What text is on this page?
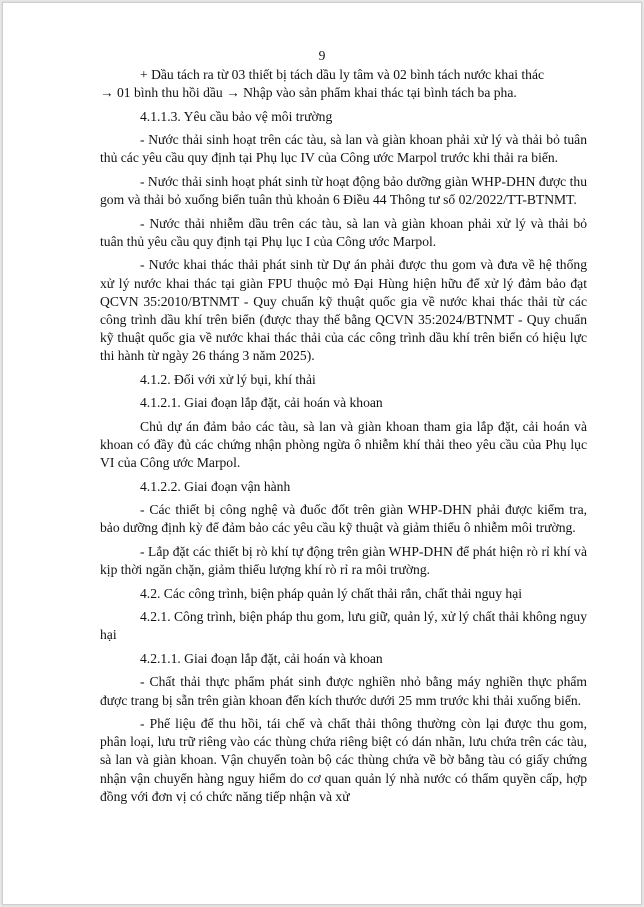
9

+ Dầu tách ra từ 03 thiết bị tách dầu ly tâm và 02 bình tách nước khai thác
→ 01 bình thu hồi dầu → Nhập vào sản phẩm khai thác tại bình tách ba pha.

4.1.1.3. Yêu cầu bảo vệ môi trường

- Nước thải sinh hoạt trên các tàu, sà lan và giàn khoan phải xử lý và thải bỏ tuân thủ các yêu cầu quy định tại Phụ lục IV của Công ước Marpol trước khi thải ra biển.

- Nước thải sinh hoạt phát sinh từ hoạt động bảo dưỡng giàn WHP-DHN được thu gom và thải bỏ xuống biển tuân thủ khoản 6 Điều 44 Thông tư số 02/2022/TT-BTNMT.

- Nước thải nhiễm dầu trên các tàu, sà lan và giàn khoan phải xử lý và thải bỏ tuân thủ yêu cầu quy định tại Phụ lục I của Công ước Marpol.

- Nước khai thác thải phát sinh từ Dự án phải được thu gom và đưa về hệ thống xử lý nước khai thác tại giàn FPU thuộc mỏ Đại Hùng hiện hữu để xử lý đảm bảo đạt QCVN 35:2010/BTNMT - Quy chuẩn kỹ thuật quốc gia về nước khai thác thải từ các công trình dầu khí trên biển (được thay thế bằng QCVN 35:2024/BTNMT - Quy chuẩn kỹ thuật quốc gia về nước khai thác thải của các công trình dầu khí trên biển có hiệu lực thi hành từ ngày 26 tháng 3 năm 2025).

4.1.2. Đối với xử lý bụi, khí thải

4.1.2.1. Giai đoạn lắp đặt, cải hoán và khoan

Chủ dự án đảm bảo các tàu, sà lan và giàn khoan tham gia lắp đặt, cải hoán và khoan có đầy đủ các chứng nhận phòng ngừa ô nhiễm khí thải theo yêu cầu của Phụ lục VI của Công ước Marpol.

4.1.2.2. Giai đoạn vận hành

- Các thiết bị công nghệ và đuốc đốt trên giàn WHP-DHN phải được kiểm tra, bảo dưỡng định kỳ để đảm bảo các yêu cầu kỹ thuật và giảm thiểu ô nhiễm môi trường.

- Lắp đặt các thiết bị rò khí tự động trên giàn WHP-DHN để phát hiện rò rỉ khí và kịp thời ngăn chặn, giảm thiểu lượng khí rò rỉ ra môi trường.

4.2. Các công trình, biện pháp quản lý chất thải rắn, chất thải nguy hại

4.2.1. Công trình, biện pháp thu gom, lưu giữ, quản lý, xử lý chất thải không nguy hại

4.2.1.1. Giai đoạn lắp đặt, cải hoán và khoan

- Chất thải thực phẩm phát sinh được nghiền nhỏ bằng máy nghiền thực phẩm được trang bị sẵn trên giàn khoan đến kích thước dưới 25 mm trước khi thải xuống biển.

- Phế liệu để thu hồi, tái chế và chất thải thông thường còn lại được thu gom, phân loại, lưu trữ riêng vào các thùng chứa riêng biệt có dán nhãn, lưu chứa trên các tàu, sà lan và giàn khoan. Vận chuyển toàn bộ các thùng chứa về bờ bằng tàu có giấy chứng nhận vận chuyển hàng nguy hiểm do cơ quan quản lý nhà nước có thẩm quyền cấp, hợp đồng với đơn vị có chức năng tiếp nhận và xử
